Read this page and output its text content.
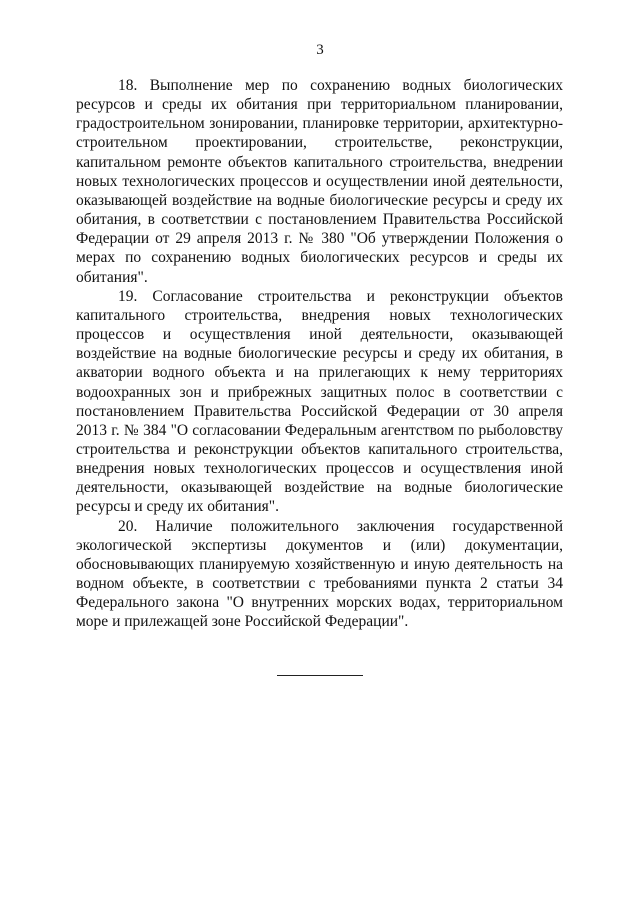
3

18. Выполнение мер по сохранению водных биологических ресурсов и среды их обитания при территориальном планировании, градостроительном зонировании, планировке территории, архитектурно-строительном проектировании, строительстве, реконструкции, капитальном ремонте объектов капитального строительства, внедрении новых технологических процессов и осуществлении иной деятельности, оказывающей воздействие на водные биологические ресурсы и среду их обитания, в соответствии с постановлением Правительства Российской Федерации от 29 апреля 2013 г. № 380 "Об утверждении Положения о мерах по сохранению водных биологических ресурсов и среды их обитания".

19. Согласование строительства и реконструкции объектов капитального строительства, внедрения новых технологических процессов и осуществления иной деятельности, оказывающей воздействие на водные биологические ресурсы и среду их обитания, в акватории водного объекта и на прилегающих к нему территориях водоохранных зон и прибрежных защитных полос в соответствии с постановлением Правительства Российской Федерации от 30 апреля 2013 г. № 384 "О согласовании Федеральным агентством по рыболовству строительства и реконструкции объектов капитального строительства, внедрения новых технологических процессов и осуществления иной деятельности, оказывающей воздействие на водные биологические ресурсы и среду их обитания".

20. Наличие положительного заключения государственной экологической экспертизы документов и (или) документации, обосновывающих планируемую хозяйственную и иную деятельность на водном объекте, в соответствии с требованиями пункта 2 статьи 34 Федерального закона "О внутренних морских водах, территориальном море и прилежащей зоне Российской Федерации".
